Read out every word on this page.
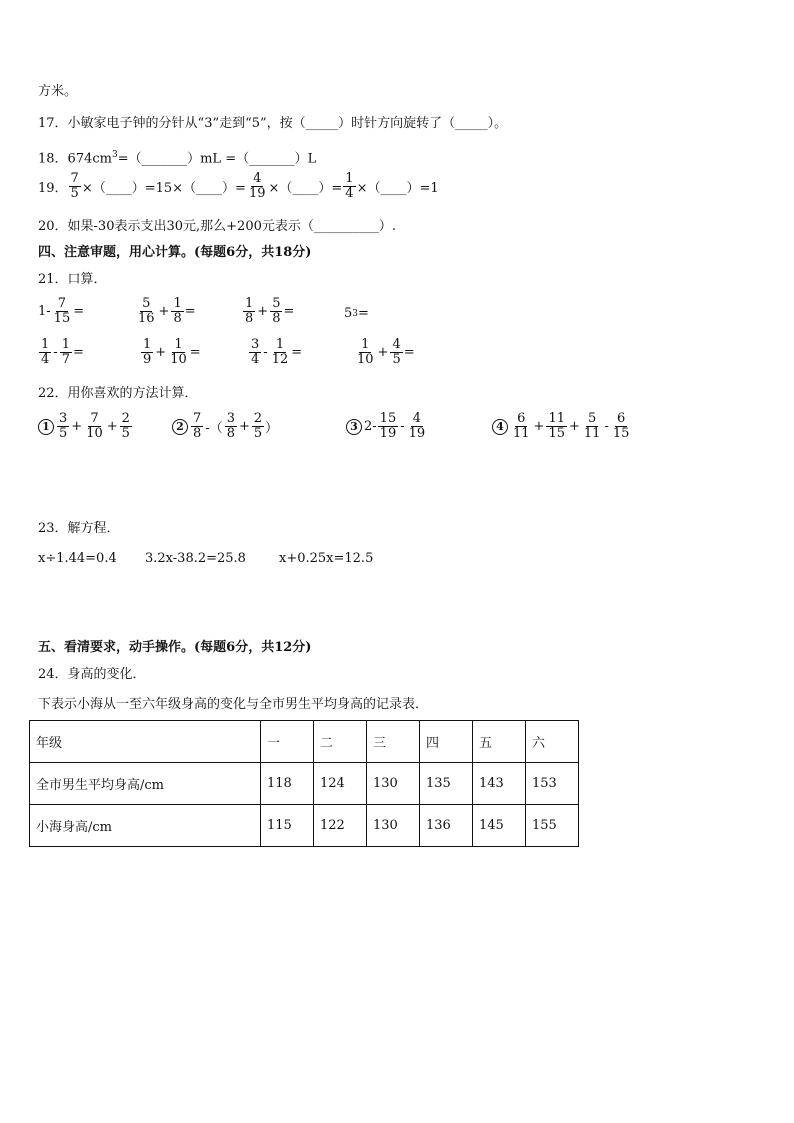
方米。
17．小敏家电子钟的分针从“3”走到“5”，按（_____）时针方向旋转了（_____）。
18．$674cm^3=(\_\_\_\_\_\_\_)mL$ =（_______）L
19． $\frac{7}{5}$ ×（____）=15×（____）= $\frac{4}{19}$ ×（____）= $\frac{1}{4}$ ×（____）=1
20．如果-30表示支出30元,那么+200元表示（__________）.
四、注意审题，用心计算。(每题6分，共18分)
21．口算．
$1- \frac{7}{15}$ =	$\frac{5}{16} + \frac{1}{8}$ =	$\frac{1}{8} + \frac{5}{8}$ =	5 3 =
$\frac{1}{4} - \frac{1}{7}$ =	$\frac{1}{9} + \frac{1}{10}$ =	$\frac{3}{4} - \frac{1}{12}$ =	$\frac{1}{10} + \frac{4}{5}$ =
22．用你喜欢的方法计算．
$1 \frac{3}{5} + \frac{7}{10} + \frac{2}{5}$	$2 \frac{7}{8}$ -（ $\frac{3}{8} + \frac{2}{5}$ ）	3 $2- \frac{15}{19} - \frac{4}{19}$	$4 \frac{6}{11} + \frac{11}{15} + \frac{5}{11} - \frac{6}{15}$
23．解方程．
x÷1.44=0.4 3.2x-38.2=25.8	x+0.25x=12.5
五、看清要求，动手操作。(每题6分，共12分)
24．身高的变化．
下表示小海从一至六年级身高的变化与全市男生平均身高的记录表．
年级	一	二	三	四	五	六
全市男生平均身高/cm	118	124	130	135	143	153
小海身高/cm	115	122	130	136	145	155
